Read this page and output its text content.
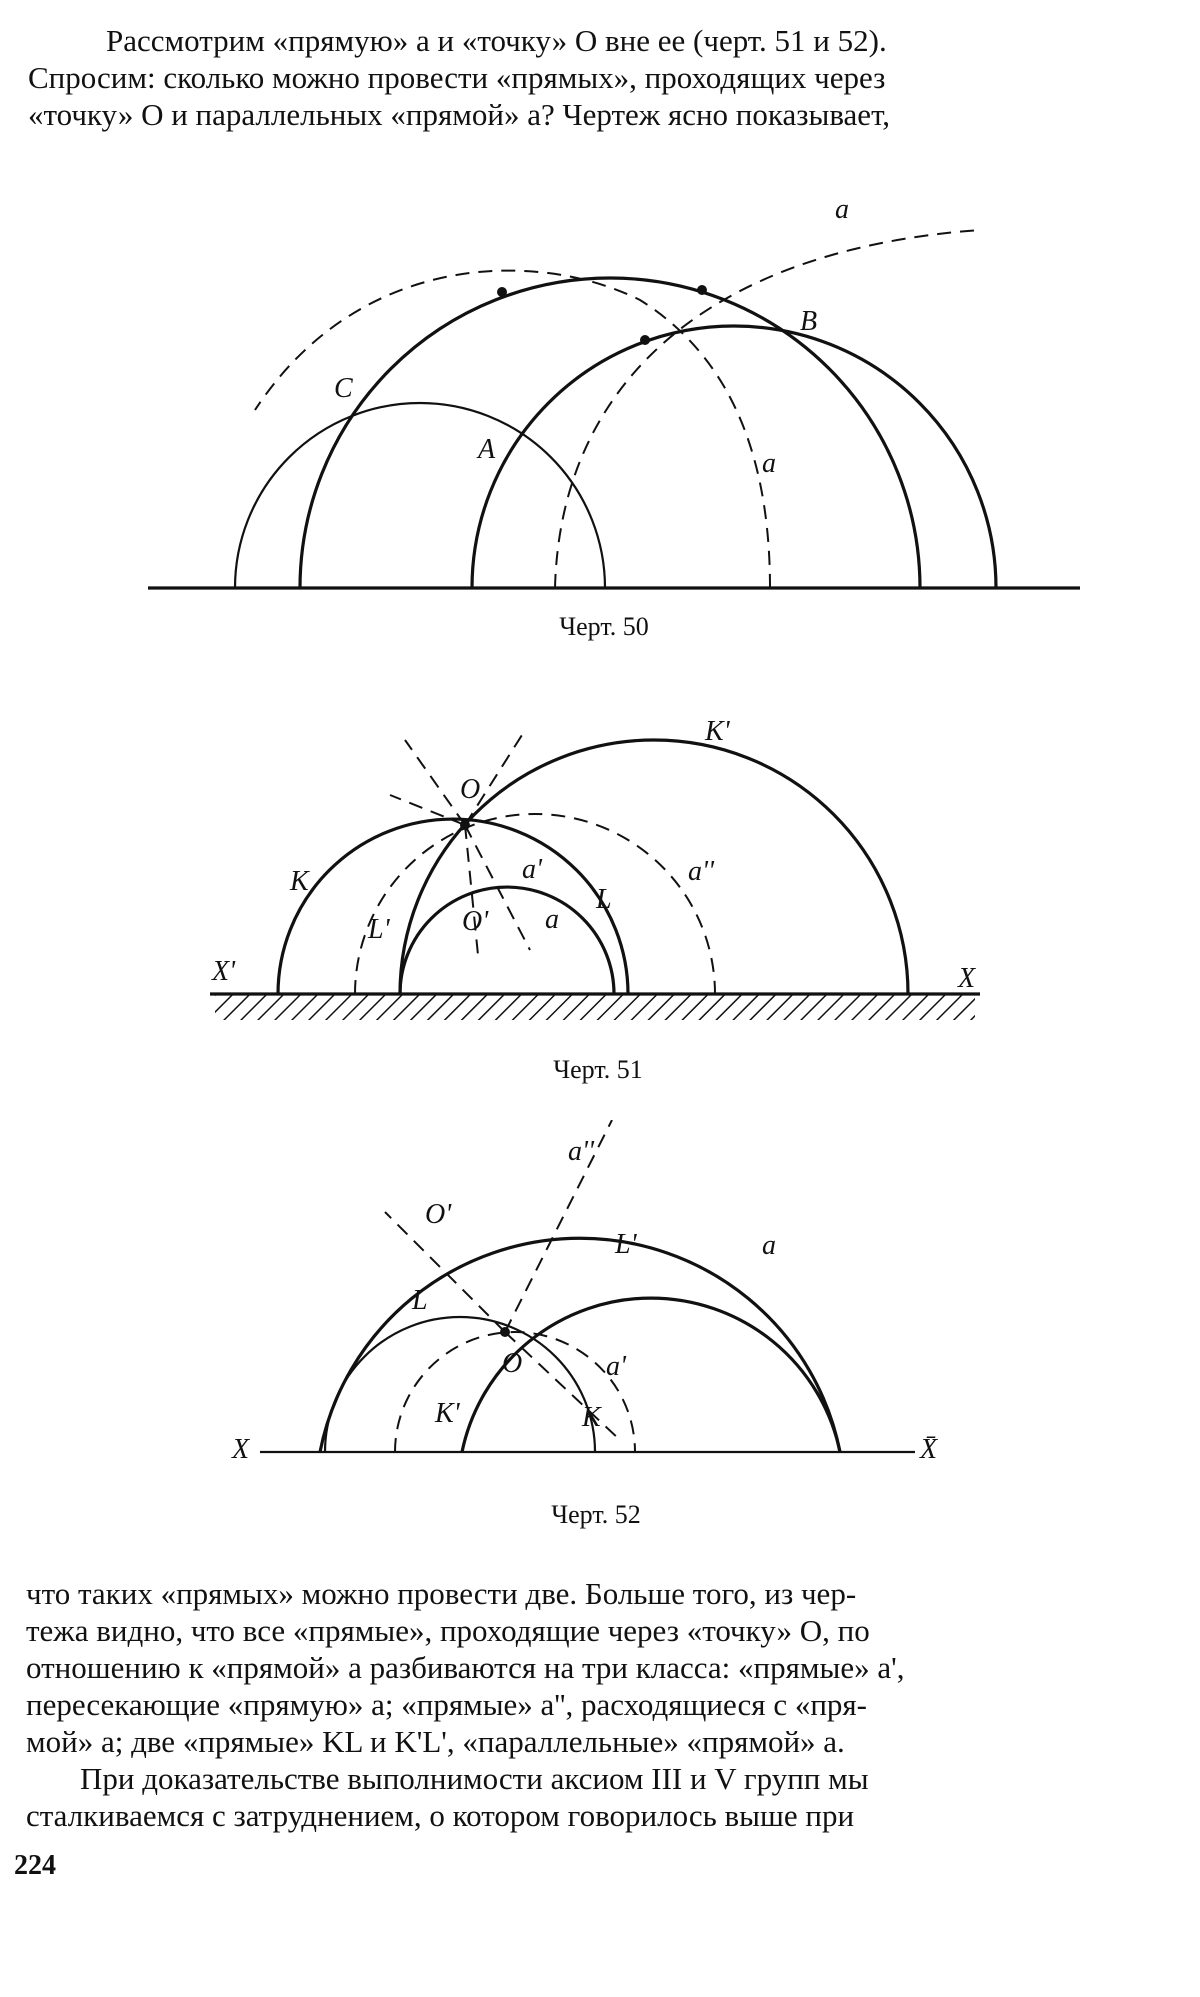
Рассмотрим «прямую» a и «точку» O вне ее (черт. 51 и 52).
Спросим: сколько можно провести «прямых», проходящих через
«точку» O и параллельных «прямой» a? Чертеж ясно показывает,
a
B
C
A	a
Черт. 50
K'
O
a''
K	a'
L
L'	O' a
X'	X
Черт. 51
a''
O'
L'	a
L
O	a'
K'	K
X	X̄
Черт. 52
что таких «прямых» можно провести две. Больше того, из чер-
тежа видно, что все «прямые», проходящие через «точку» O, по
отношению к «прямой» a разбиваются на три класса: «прямые» a',
пересекающие «прямую» a; «прямые» a'', расходящиеся с «пря-
мой» a; две «прямые» KL и K'L', «параллельные» «прямой» a.
При доказательстве выполнимости аксиом III и V групп мы
сталкиваемся с затруднением, о котором говорилось выше при
224
